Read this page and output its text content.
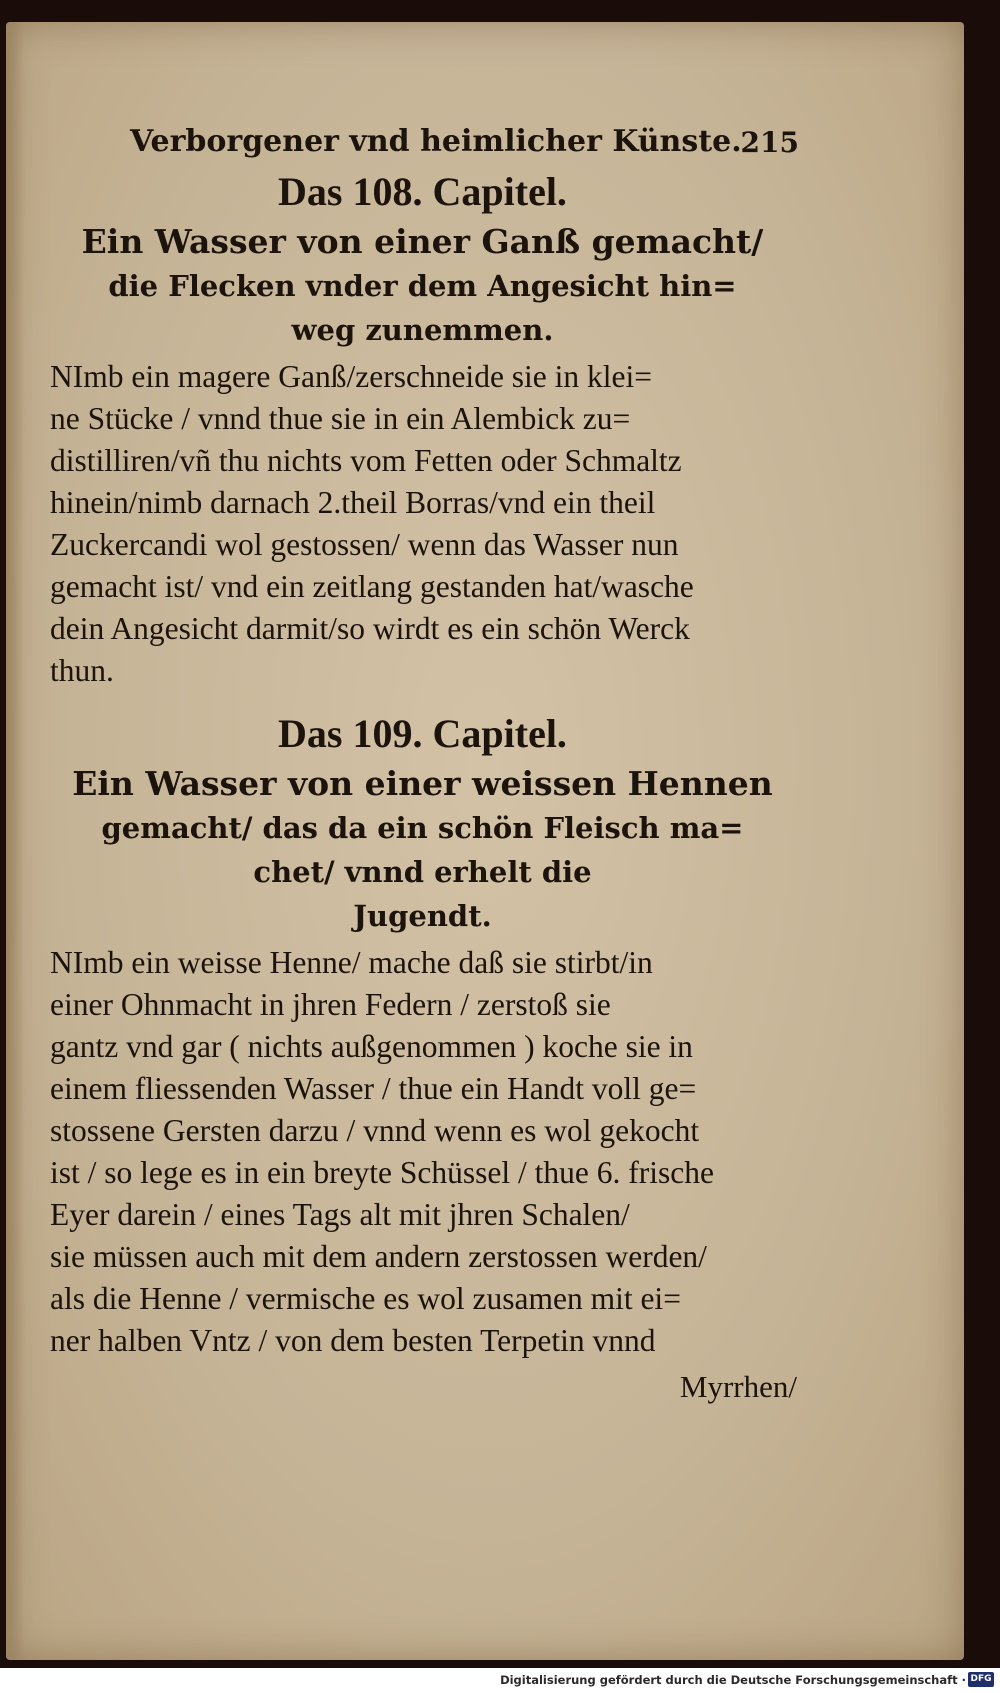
Verborgener vnd heimlicher Künste.
215
Das 108. Capitel.
Ein Wasser von einer Ganß gemacht/
die Flecken vnder dem Angesicht hin=
weg zunemmen.
NImb ein magere Ganß/zerschneide sie in klei=
ne Stücke / vnnd thue sie in ein Alembick zu=
distilliren/vñ thu nichts vom Fetten oder Schmaltz
hinein/nimb darnach 2.theil Borras/vnd ein theil
Zuckercandi wol gestossen/ wenn das Wasser nun
gemacht ist/ vnd ein zeitlang gestanden hat/wasche
dein Angesicht darmit/so wirdt es ein schön Werck
thun.
Das 109. Capitel.
Ein Wasser von einer weissen Hennen
gemacht/ das da ein schön Fleisch ma=
chet/ vnnd erhelt die
Jugendt.
NImb ein weisse Henne/ mache daß sie stirbt/in
einer Ohnmacht in jhren Federn / zerstoß sie
gantz vnd gar ( nichts außgenommen ) koche sie in
einem fliessenden Wasser / thue ein Handt voll ge=
stossene Gersten darzu / vnnd wenn es wol gekocht
ist / so lege es in ein breyte Schüssel / thue 6. frische
Eyer darein / eines Tags alt mit jhren Schalen/
sie müssen auch mit dem andern zerstossen werden/
als die Henne / vermische es wol zusamen mit ei=
ner halben Vntz / von dem besten Terpetin vnnd
Myrrhen/
Digitalisierung gefördert durch die Deutsche Forschungsgemeinschaft · DFG
